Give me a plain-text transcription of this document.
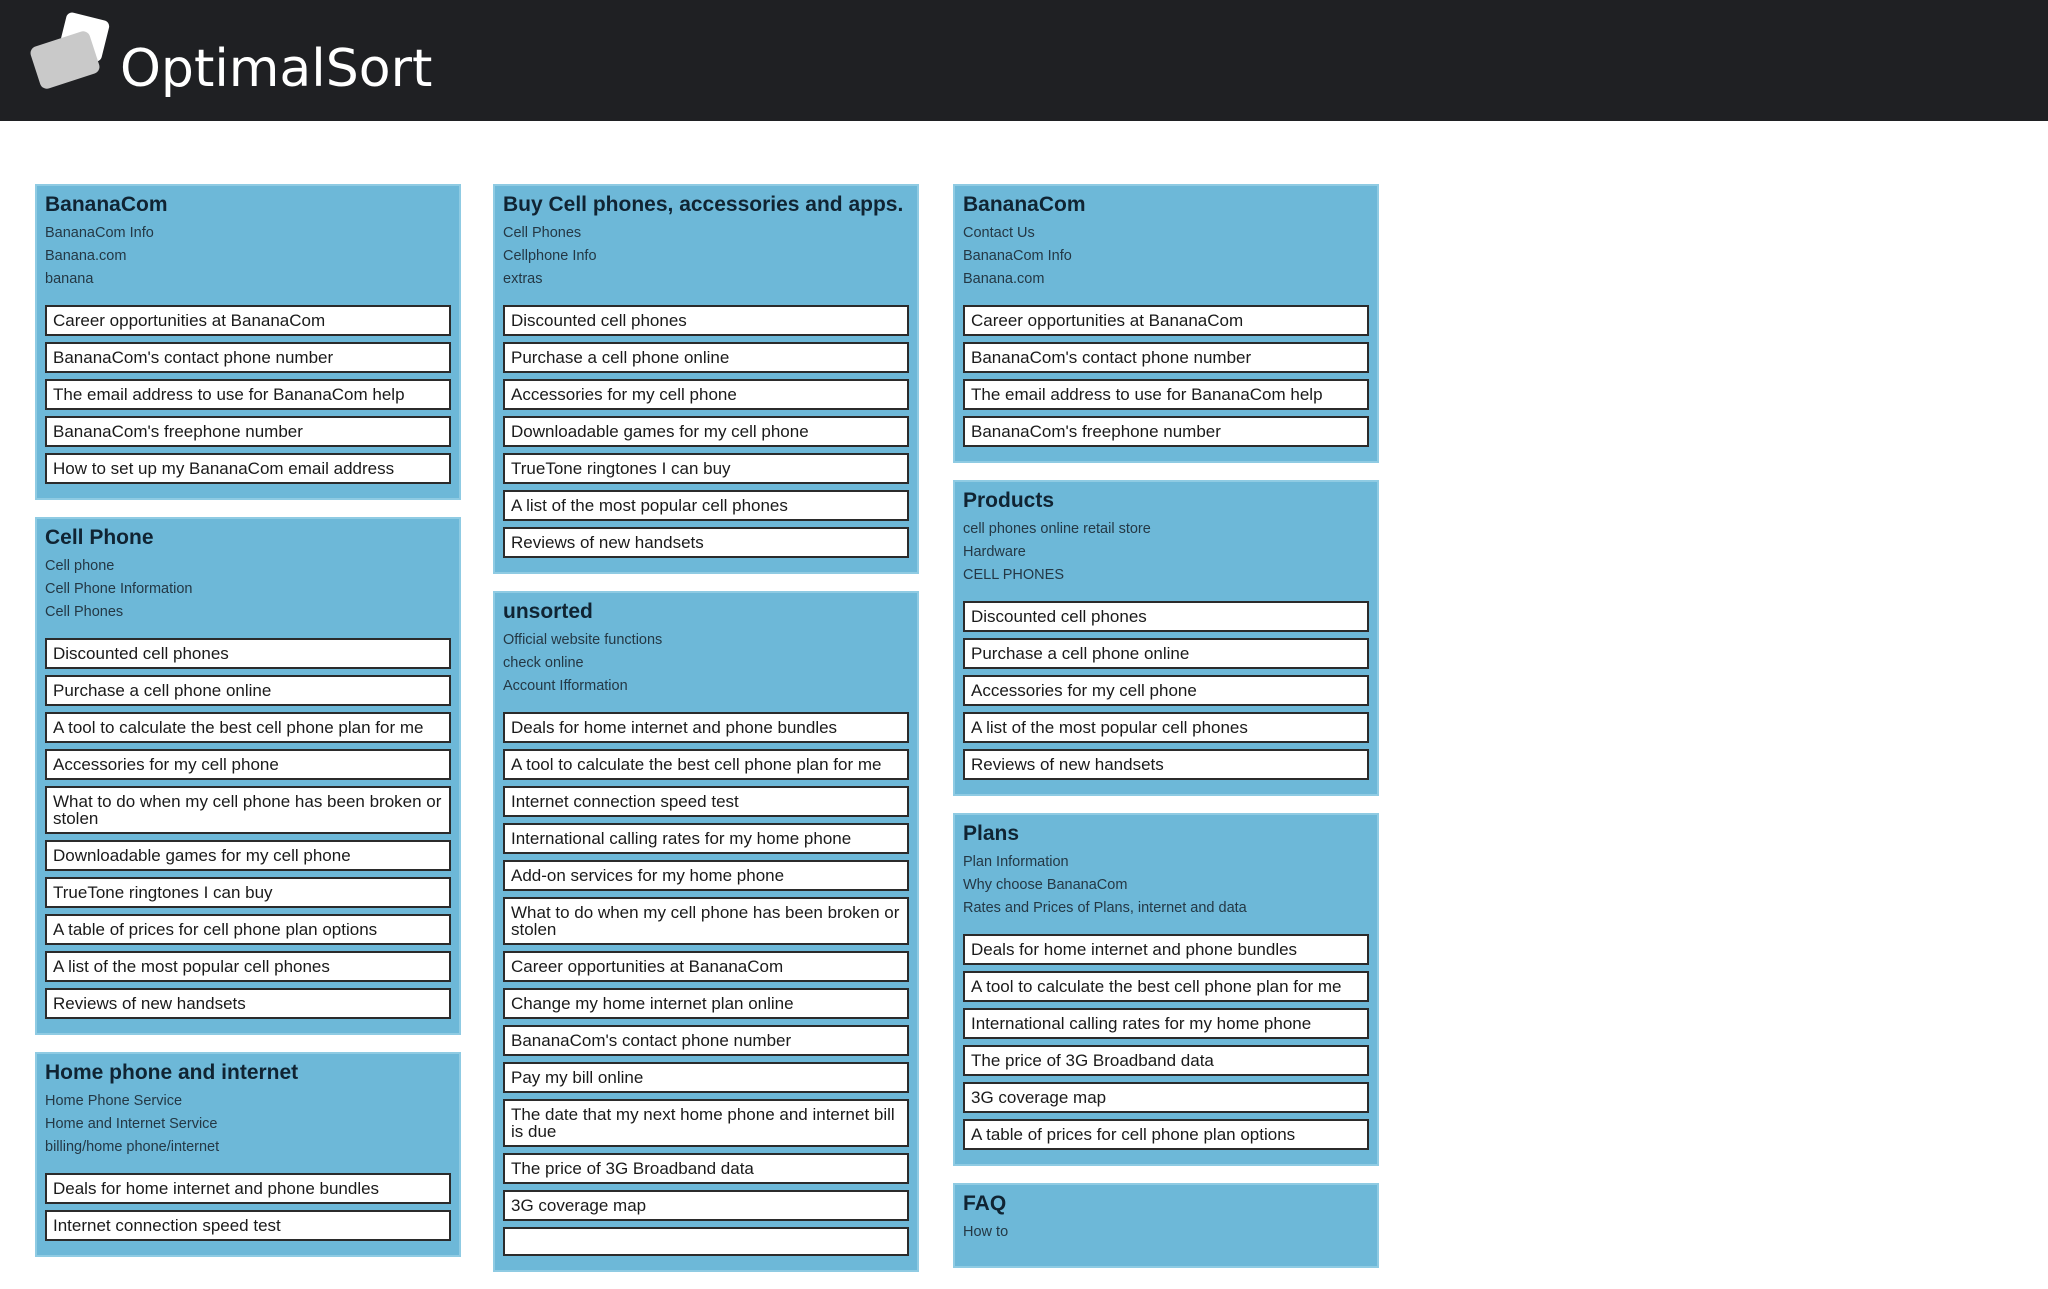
OptimalSort
BananaCom
BananaCom Info
Banana.com
banana
Career opportunities at BananaCom
BananaCom's contact phone number
The email address to use for BananaCom help
BananaCom's freephone number
How to set up my BananaCom email address
Cell Phone
Cell phone
Cell Phone Information
Cell Phones
Discounted cell phones
Purchase a cell phone online
A tool to calculate the best cell phone plan for me
Accessories for my cell phone
What to do when my cell phone has been broken or stolen
Downloadable games for my cell phone
TrueTone ringtones I can buy
A table of prices for cell phone plan options
A list of the most popular cell phones
Reviews of new handsets
Home phone and internet
Home Phone Service
Home and Internet Service
billing/home phone/internet
Deals for home internet and phone bundles
Internet connection speed test
Buy Cell phones, accessories and apps.
Cell Phones
Cellphone Info
extras
Discounted cell phones
Purchase a cell phone online
Accessories for my cell phone
Downloadable games for my cell phone
TrueTone ringtones I can buy
A list of the most popular cell phones
Reviews of new handsets
unsorted
Official website functions
check online
Account Ifformation
Deals for home internet and phone bundles
A tool to calculate the best cell phone plan for me
Internet connection speed test
International calling rates for my home phone
Add-on services for my home phone
What to do when my cell phone has been broken or stolen
Career opportunities at BananaCom
Change my home internet plan online
BananaCom's contact phone number
Pay my bill online
The date that my next home phone and internet bill is due
The price of 3G Broadband data
3G coverage map
BananaCom
Contact Us
BananaCom Info
Banana.com
Career opportunities at BananaCom
BananaCom's contact phone number
The email address to use for BananaCom help
BananaCom's freephone number
Products
cell phones online retail store
Hardware
CELL PHONES
Discounted cell phones
Purchase a cell phone online
Accessories for my cell phone
A list of the most popular cell phones
Reviews of new handsets
Plans
Plan Information
Why choose BananaCom
Rates and Prices of Plans, internet and data
Deals for home internet and phone bundles
A tool to calculate the best cell phone plan for me
International calling rates for my home phone
The price of 3G Broadband data
3G coverage map
A table of prices for cell phone plan options
FAQ
How to
